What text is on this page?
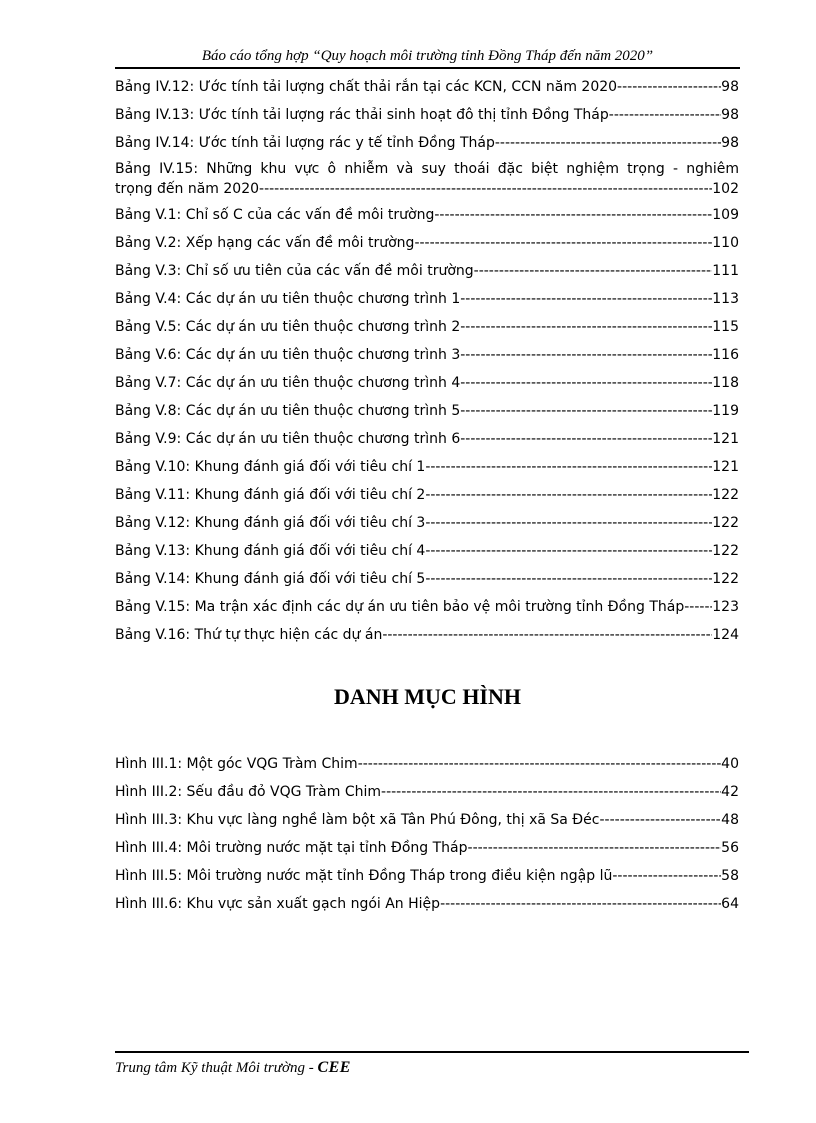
Báo cáo tổng hợp “Quy hoạch môi trường tỉnh Đồng Tháp đến năm 2020”
Bảng IV.12: Ước tính tải lượng chất thải rắn tại các KCN, CCN năm 2020 -----	98
Bảng IV.13: Ước tính tải lượng rác thải sinh hoạt đô thị tỉnh Đồng Tháp -----	98
Bảng IV.14: Ước tính tải lượng rác y tế tỉnh Đồng Tháp -----	98
Bảng IV.15: Những khu vực ô nhiễm và suy thoái đặc biệt nghiệm trọng - nghiêm
trọng đến năm 2020 -----	102
Bảng V.1: Chỉ số C của các vấn đề môi trường -----	109
Bảng V.2: Xếp hạng các vấn đề môi trường -----	110
Bảng V.3: Chỉ số ưu tiên của các vấn đề môi trường -----	111
Bảng V.4: Các dự án ưu tiên thuộc chương trình 1 -----	113
Bảng V.5: Các dự án ưu tiên thuộc chương trình 2 -----	115
Bảng V.6: Các dự án ưu tiên thuộc chương trình 3 -----	116
Bảng V.7: Các dự án ưu tiên thuộc chương trình 4 -----	118
Bảng V.8: Các dự án ưu tiên thuộc chương trình 5 -----	119
Bảng V.9: Các dự án ưu tiên thuộc chương trình 6 -----	121
Bảng V.10: Khung đánh giá đối với tiêu chí 1 -----	121
Bảng V.11: Khung đánh giá đối với tiêu chí 2 -----	122
Bảng V.12: Khung đánh giá đối với tiêu chí 3 -----	122
Bảng V.13: Khung đánh giá đối với tiêu chí 4 -----	122
Bảng V.14: Khung đánh giá đối với tiêu chí 5 -----	122
Bảng V.15: Ma trận xác định các dự án ưu tiên bảo vệ môi trường tỉnh Đồng Tháp ----- 123
Bảng V.16: Thứ tự thực hiện các dự án -----	124
DANH MỤC HÌNH
Hình III.1: Một góc VQG Tràm Chim -----	40
Hình III.2: Sếu đầu đỏ VQG Tràm Chim -----	42
Hình III.3: Khu vực làng nghề làm bột xã Tân Phú Đông, thị xã Sa Đéc -----	48
Hình III.4: Môi trường nước mặt tại tỉnh Đồng Tháp -----	56
Hình III.5: Môi trường nước mặt tỉnh Đồng Tháp trong điều kiện ngập lũ -----	58
Hình III.6: Khu vực sản xuất gạch ngói An Hiệp -----	64
Trung tâm Kỹ thuật Môi trường - CEE
